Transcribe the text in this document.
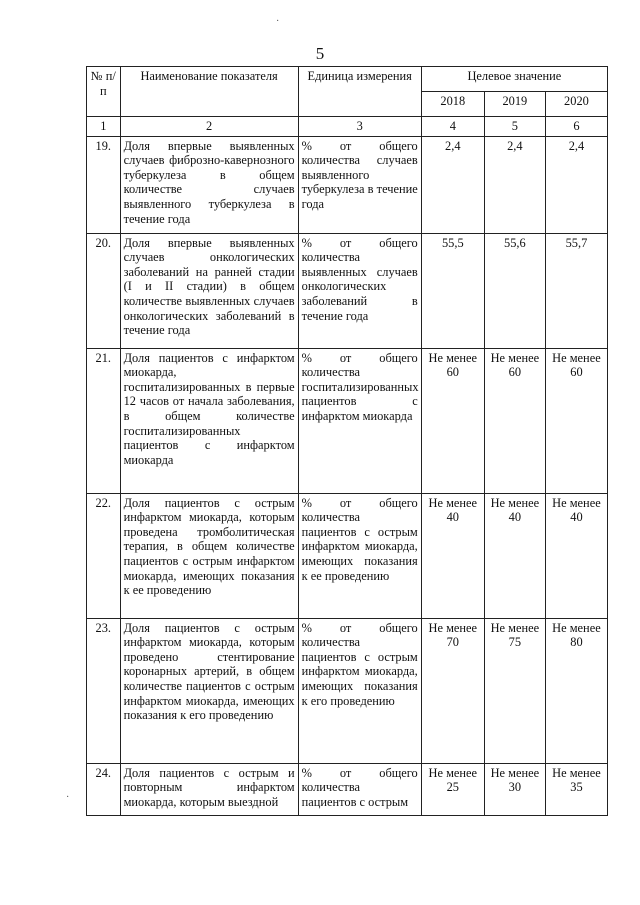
5
№ п/п	Наименование показателя	Единица измерения	Целевое значение		
			2018	2019	2020
1	2	3	4	5	6
19.	Доля впервые выявленных случаев фиброзно-кавернозного туберкулеза в общем количестве случаев выявленного туберкулеза в течение года	% от общего количества случаев выявленного туберкулеза в течение года	2,4	2,4	2,4
20.	Доля впервые выявленных случаев онкологических заболеваний на ранней стадии (I и II стадии) в общем количестве выявленных случаев онкологических заболеваний в течение года	% от общего количества выявленных случаев онкологических заболеваний в течение года	55,5	55,6	55,7
21.	Доля пациентов с инфарктом миокарда, госпитализированных в первые 12 часов от начала заболевания, в общем количестве госпитализированных пациентов с инфарктом миокарда	% от общего количества госпитализированных пациентов с инфарктом миокарда	Не менее 60	Не менее 60	Не менее 60
22.	Доля пациентов с острым инфарктом миокарда, которым проведена тромболитическая терапия, в общем количестве пациентов с острым инфарктом миокарда, имеющих показания к ее проведению	% от общего количества пациентов с острым инфарктом миокарда, имеющих показания к ее проведению	Не менее 40	Не менее 40	Не менее 40
23.	Доля пациентов с острым инфарктом миокарда, которым проведено стентирование коронарных артерий, в общем количестве пациентов с острым инфарктом миокарда, имеющих показания к его проведению	% от общего количества пациентов с острым инфарктом миокарда, имеющих показания к его проведению	Не менее 70	Не менее 75	Не менее 80
24.	Доля пациентов с острым и повторным инфарктом миокарда, которым выездной	% от общего количества пациентов с острым	Не менее 25	Не менее 30	Не менее 35
·
·
